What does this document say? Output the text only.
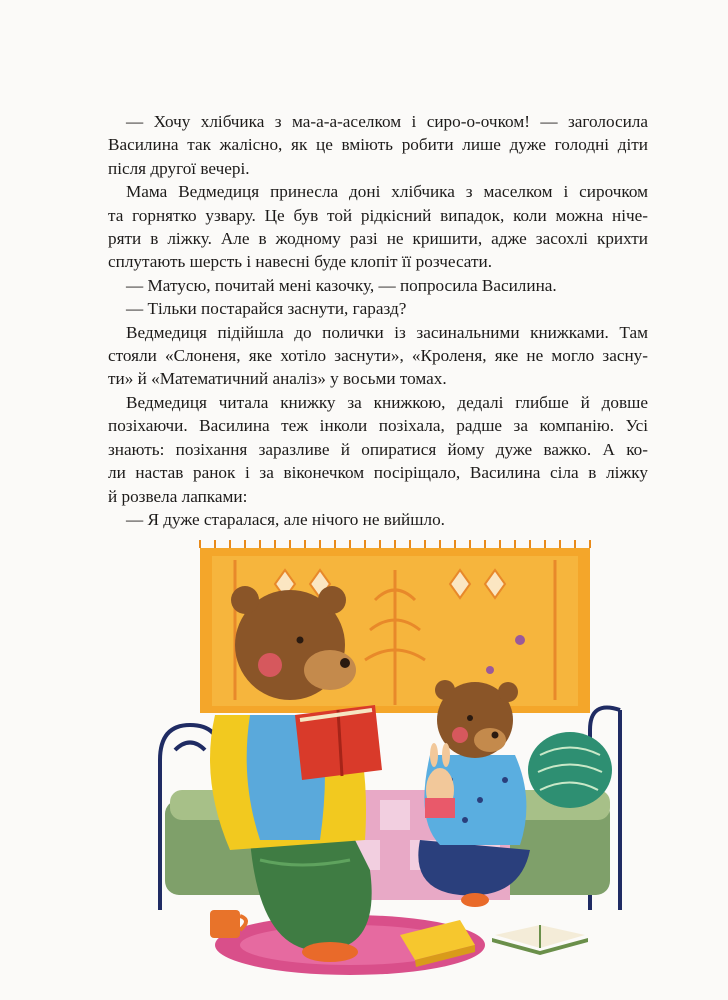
— Хочу хлібчика з ма-а-а-аселком і сиро-о-очком! — заголосила
Василина так жалісно, як це вміють робити лише дуже голодні діти
після другої вечері.

Мама Ведмедиця принесла доні хлібчика з маселком і сирочком
та горнятко узвару. Це був той рідкісний випадок, коли можна ніче-
ряти в ліжку. Але в жодному разі не кришити, адже засохлі крихти
сплутають шерсть і навесні буде клопіт її розчесати.

— Матусю, почитай мені казочку, — попросила Василина.

— Тільки постарайся заснути, гаразд?

Ведмедиця підійшла до полички із засинальними книжками. Там
стояли «Слоненя, яке хотіло заснути», «Кроленя, яке не могло засну-
ти» й «Математичний аналіз» у восьми томах.

Ведмедиця читала книжку за книжкою, дедалі глибше й довше
позіхаючи. Василина теж інколи позіхала, радше за компанію. Усі
знають: позіхання заразливе й опиратися йому дуже важко. А ко-
ли настав ранок і за віконечком посіріщало, Василина сіла в ліжку
й розвела лапками:

— Я дуже старалася, але нічого не вийшло.
